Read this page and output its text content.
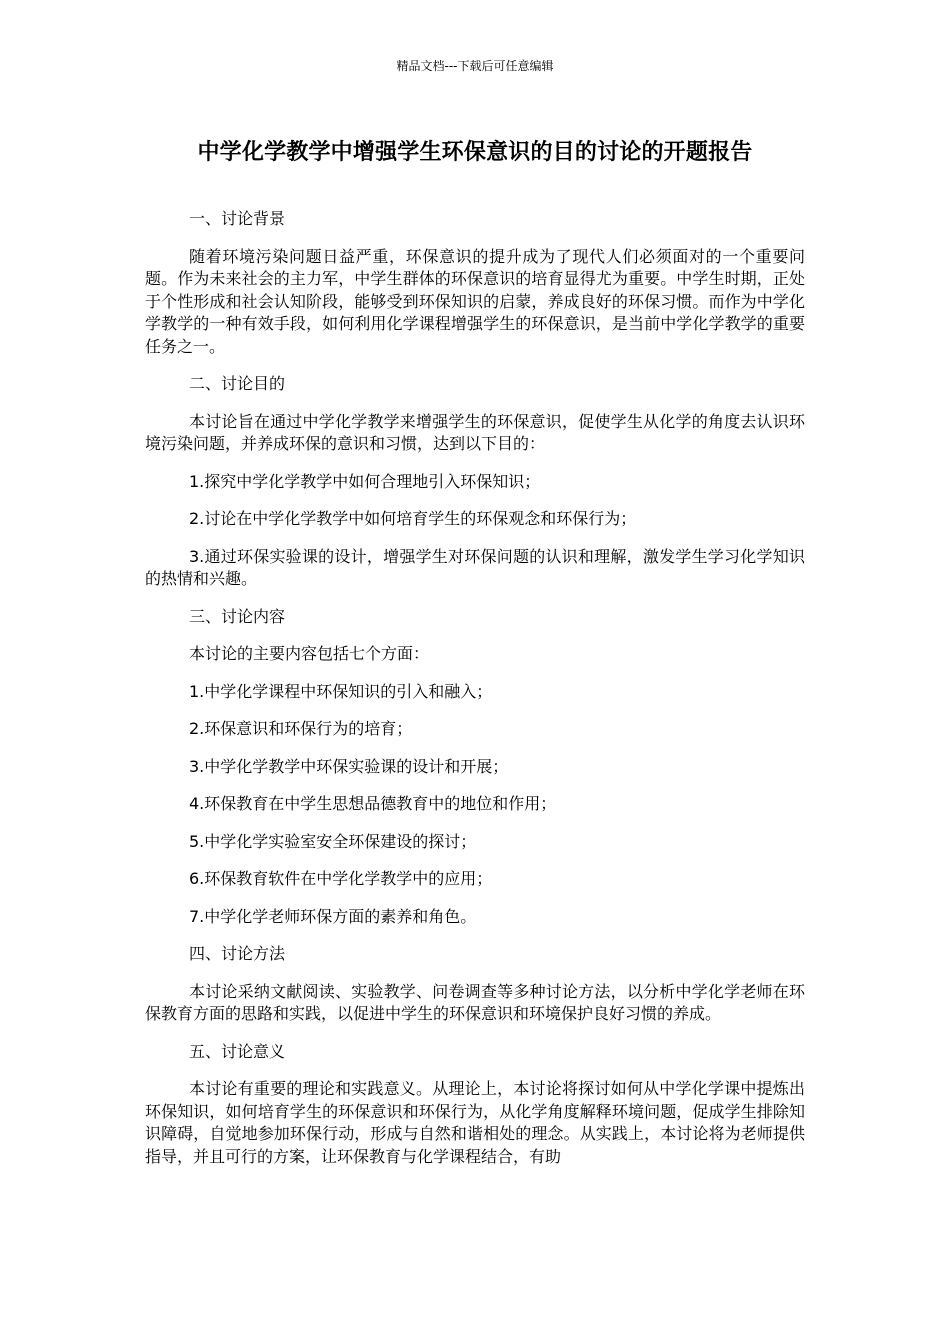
精品文档---下载后可任意编辑
中学化学教学中增强学生环保意识的目的讨论的开题报告

一、讨论背景

随着环境污染问题日益严重，环保意识的提升成为了现代人们必须面对的一个重要问题。作为未来社会的主力军，中学生群体的环保意识的培育显得尤为重要。中学生时期，正处于个性形成和社会认知阶段，能够受到环保知识的启蒙，养成良好的环保习惯。而作为中学化学教学的一种有效手段，如何利用化学课程增强学生的环保意识，是当前中学化学教学的重要任务之一。

二、讨论目的

本讨论旨在通过中学化学教学来增强学生的环保意识，促使学生从化学的角度去认识环境污染问题，并养成环保的意识和习惯，达到以下目的：

1.探究中学化学教学中如何合理地引入环保知识；

2.讨论在中学化学教学中如何培育学生的环保观念和环保行为；

3.通过环保实验课的设计，增强学生对环保问题的认识和理解，激发学生学习化学知识的热情和兴趣。

三、讨论内容

本讨论的主要内容包括七个方面：

1.中学化学课程中环保知识的引入和融入；

2.环保意识和环保行为的培育；

3.中学化学教学中环保实验课的设计和开展；

4.环保教育在中学生思想品德教育中的地位和作用；

5.中学化学实验室安全环保建设的探讨；

6.环保教育软件在中学化学教学中的应用；

7.中学化学老师环保方面的素养和角色。

四、讨论方法

本讨论采纳文献阅读、实验教学、问卷调查等多种讨论方法，以分析中学化学老师在环保教育方面的思路和实践，以促进中学生的环保意识和环境保护良好习惯的养成。

五、讨论意义

本讨论有重要的理论和实践意义。从理论上，本讨论将探讨如何从中学化学课中提炼出环保知识，如何培育学生的环保意识和环保行为，从化学角度解释环境问题，促成学生排除知识障碍，自觉地参加环保行动，形成与自然和谐相处的理念。从实践上，本讨论将为老师提供指导，并且可行的方案，让环保教育与化学课程结合，有助
